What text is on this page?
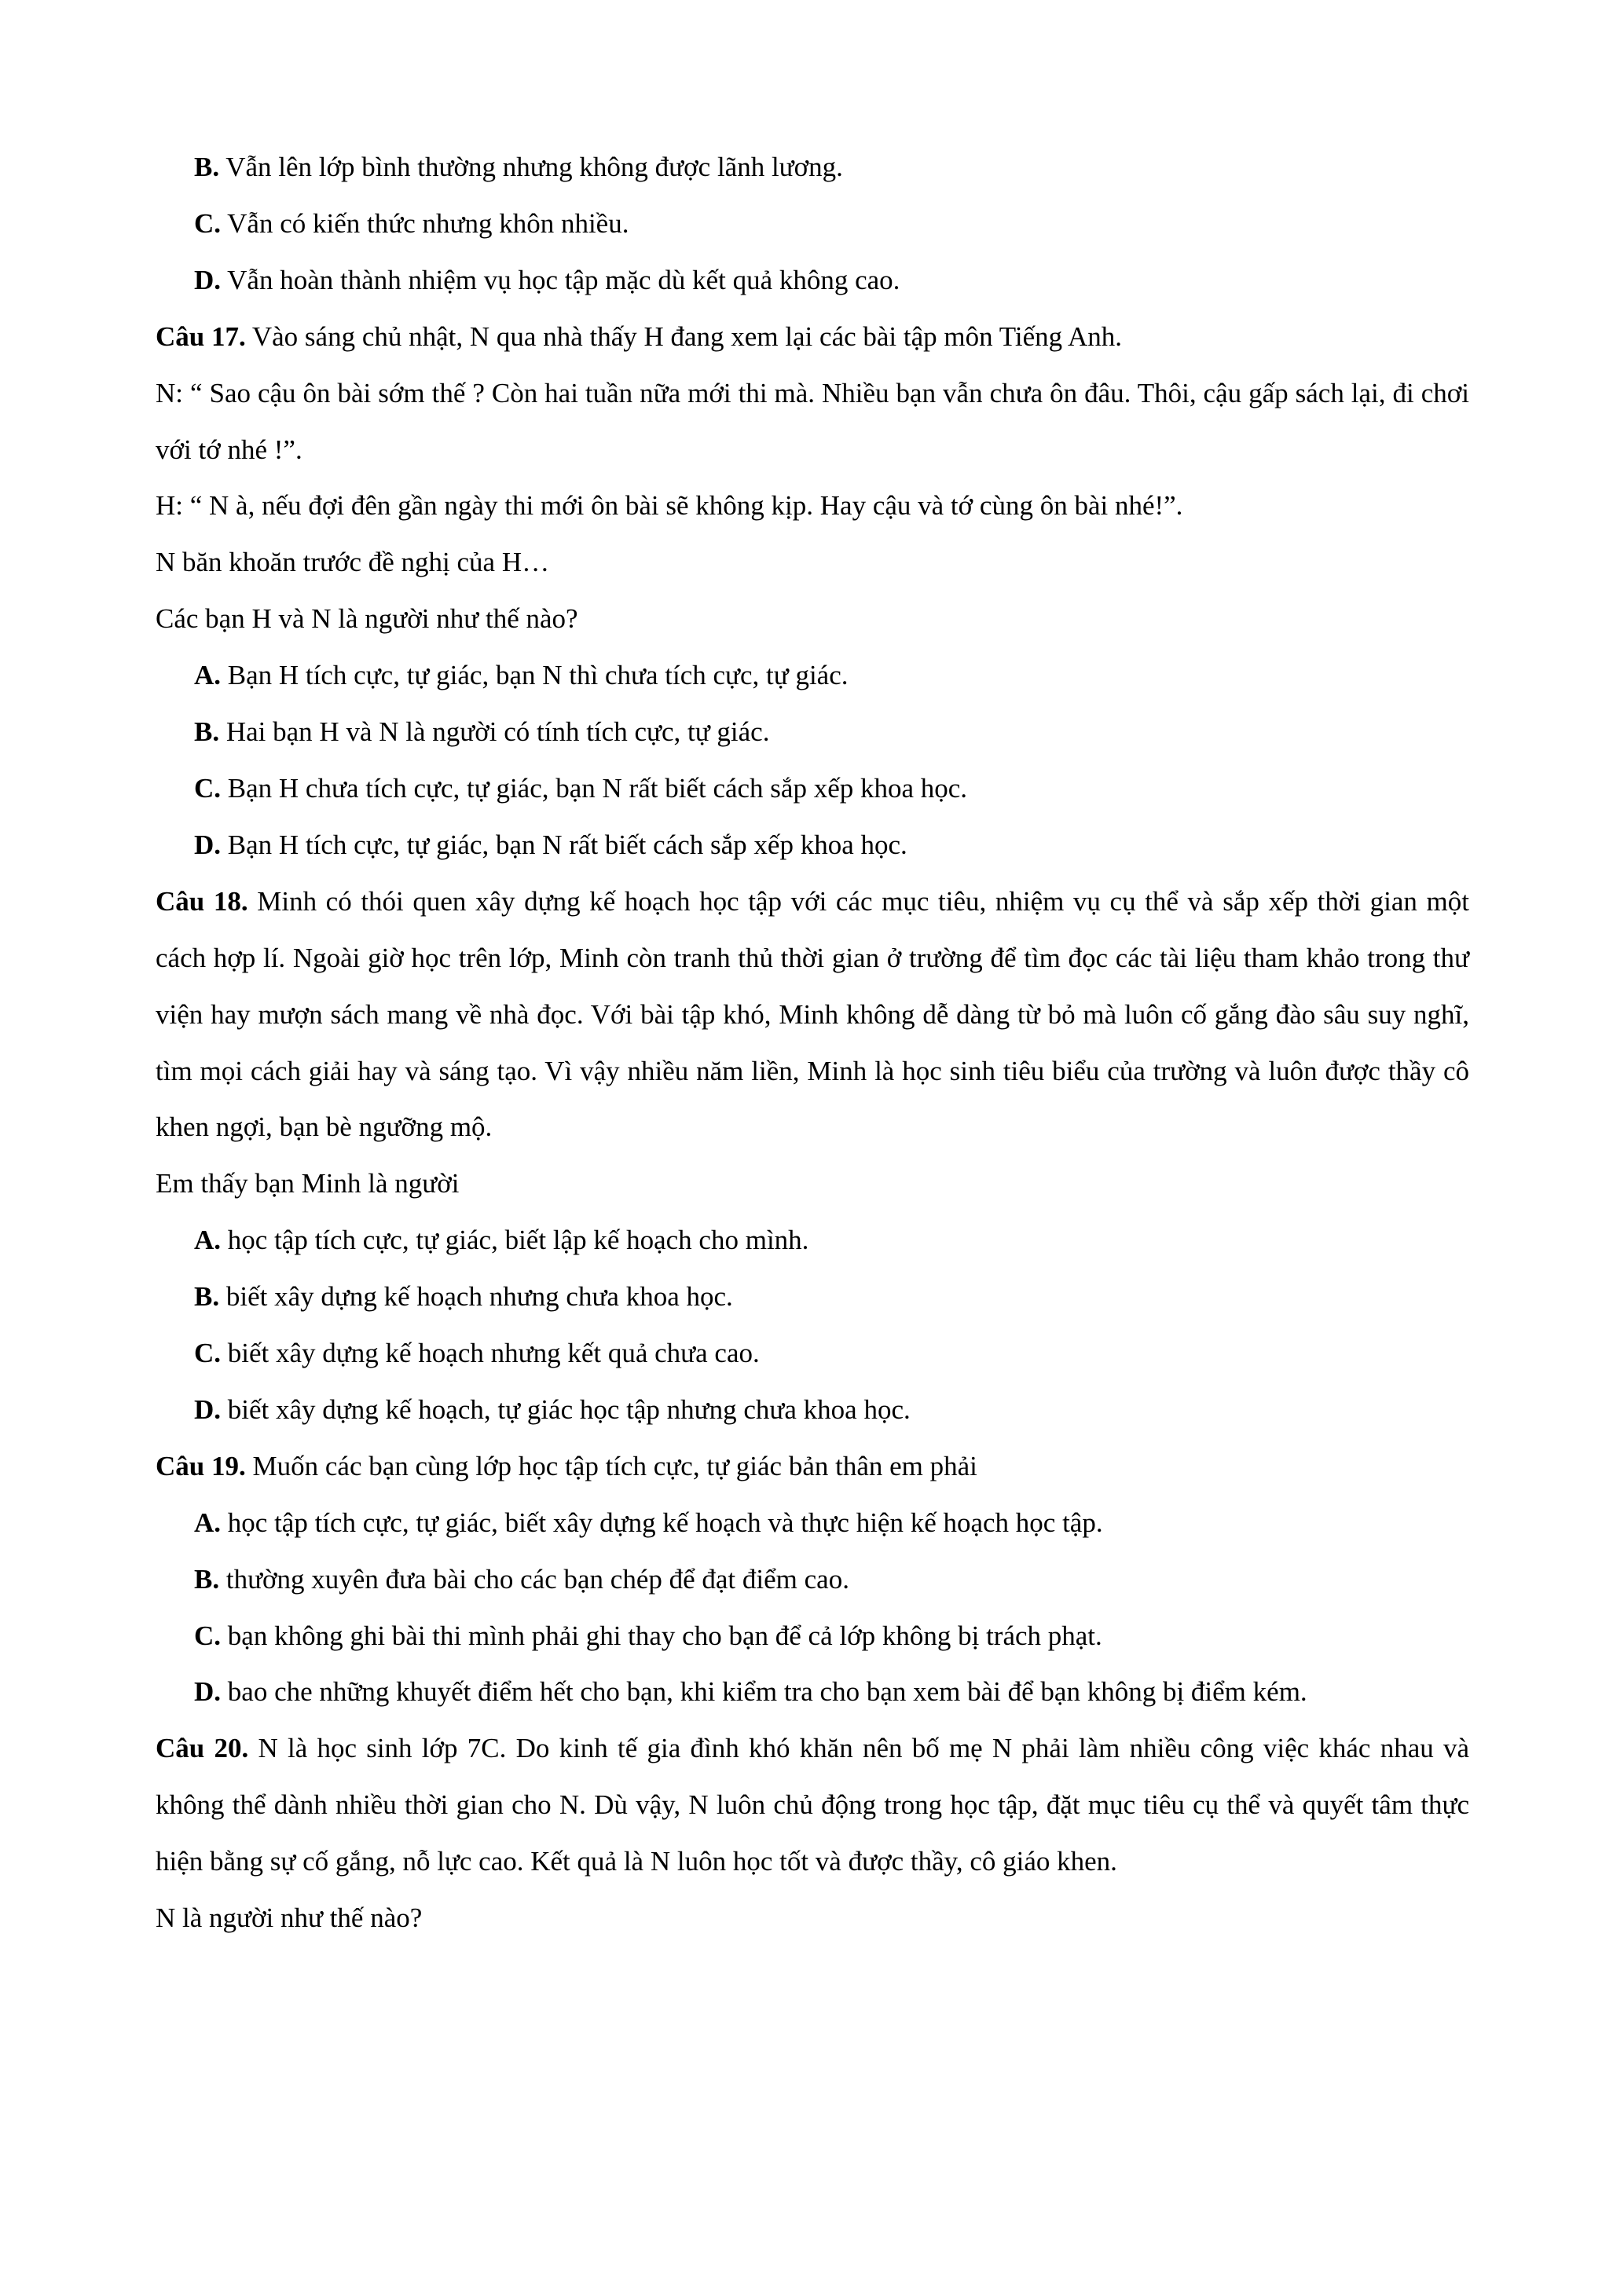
B. Vẫn lên lớp bình thường nhưng không được lãnh lương.

C. Vẫn có kiến thức nhưng khôn nhiều.

D. Vẫn hoàn thành nhiệm vụ học tập mặc dù kết quả không cao.

Câu 17. Vào sáng chủ nhật, N qua nhà thấy H đang xem lại các bài tập môn Tiếng Anh.

N: “ Sao cậu ôn bài sớm thế ? Còn hai tuần nữa mới thi mà. Nhiều bạn vẫn chưa ôn đâu. Thôi, cậu gấp sách lại, đi chơi với tớ nhé !”.

H: “ N à, nếu đợi đên gần ngày thi mới ôn bài sẽ không kịp. Hay cậu và tớ cùng ôn bài nhé!”.

N băn khoăn trước đề nghị của H…

Các bạn H và N là người như thế nào?

A. Bạn H tích cực, tự giác, bạn N thì chưa tích cực, tự giác.

B. Hai bạn H và N là người có tính tích cực, tự giác.

C. Bạn H chưa tích cực, tự giác, bạn N rất biết cách sắp xếp khoa học.

D. Bạn H tích cực, tự giác, bạn N rất biết cách sắp xếp khoa học.

Câu 18. Minh có thói quen xây dựng kế hoạch học tập với các mục tiêu, nhiệm vụ cụ thể và sắp xếp thời gian một cách hợp lí. Ngoài giờ học trên lớp, Minh còn tranh thủ thời gian ở trường để tìm đọc các tài liệu tham khảo trong thư viện hay mượn sách mang về nhà đọc. Với bài tập khó, Minh không dễ dàng từ bỏ mà luôn cố gắng đào sâu suy nghĩ, tìm mọi cách giải hay và sáng tạo. Vì vậy nhiều năm liền, Minh là học sinh tiêu biểu của trường và luôn được thầy cô khen ngợi, bạn bè ngưỡng mộ.

Em thấy bạn Minh là người

A. học tập tích cực, tự giác, biết lập kế hoạch cho mình.

B. biết xây dựng kế hoạch nhưng chưa khoa học.

C. biết xây dựng kế hoạch nhưng kết quả chưa cao.

D. biết xây dựng kế hoạch, tự giác học tập nhưng chưa khoa học.

Câu 19. Muốn các bạn cùng lớp học tập tích cực, tự giác bản thân em phải

A. học tập tích cực, tự giác, biết xây dựng kế hoạch và thực hiện kế hoạch học tập.

B. thường xuyên đưa bài cho các bạn chép để đạt điểm cao.

C. bạn không ghi bài thi mình phải ghi thay cho bạn để cả lớp không bị trách phạt.

D. bao che những khuyết điểm hết cho bạn, khi kiểm tra cho bạn xem bài để bạn không bị điểm kém.

Câu 20. N là học sinh lớp 7C. Do kinh tế gia đình khó khăn nên bố mẹ N phải làm nhiều công việc khác nhau và không thể dành nhiều thời gian cho N. Dù vậy, N luôn chủ động trong học tập, đặt mục tiêu cụ thể và quyết tâm thực hiện bằng sự cố gắng, nỗ lực cao. Kết quả là N luôn học tốt và được thầy, cô giáo khen.

N là người như thế nào?
